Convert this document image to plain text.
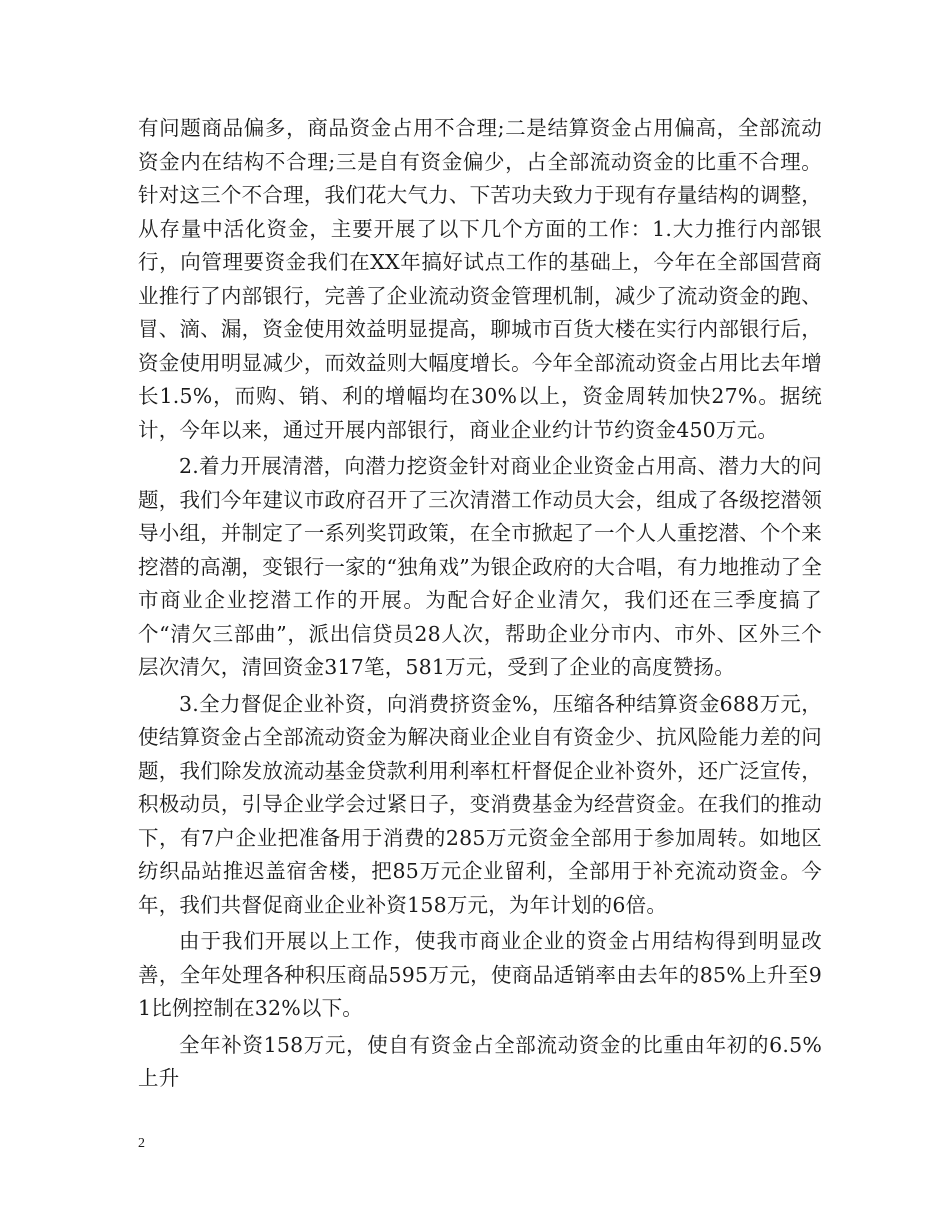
有问题商品偏多，商品资金占用不合理;二是结算资金占用偏高，全部流动资金内在结构不合理;三是自有资金偏少，占全部流动资金的比重不合理。针对这三个不合理，我们花大气力、下苦功夫致力于现有存量结构的调整，从存量中活化资金，主要开展了以下几个方面的工作：1.大力推行内部银行，向管理要资金我们在XX年搞好试点工作的基础上，今年在全部国营商业推行了内部银行，完善了企业流动资金管理机制，减少了流动资金的跑、冒、滴、漏，资金使用效益明显提高，聊城市百货大楼在实行内部银行后，资金使用明显减少，而效益则大幅度增长。今年全部流动资金占用比去年增长1.5%，而购、销、利的增幅均在30%以上，资金周转加快27%。据统计，今年以来，通过开展内部银行，商业企业约计节约资金450万元。

2.着力开展清潜，向潜力挖资金针对商业企业资金占用高、潜力大的问题，我们今年建议市政府召开了三次清潜工作动员大会，组成了各级挖潜领导小组，并制定了一系列奖罚政策，在全市掀起了一个人人重挖潜、个个来挖潜的高潮，变银行一家的“独角戏”为银企政府的大合唱，有力地推动了全市商业企业挖潜工作的开展。为配合好企业清欠，我们还在三季度搞了个“清欠三部曲”，派出信贷员28人次，帮助企业分市内、市外、区外三个层次清欠，清回资金317笔，581万元，受到了企业的高度赞扬。

3.全力督促企业补资，向消费挤资金%，压缩各种结算资金688万元，使结算资金占全部流动资金为解决商业企业自有资金少、抗风险能力差的问题，我们除发放流动基金贷款利用利率杠杆督促企业补资外，还广泛宣传，积极动员，引导企业学会过紧日子，变消费基金为经营资金。在我们的推动下，有7户企业把准备用于消费的285万元资金全部用于参加周转。如地区纺织品站推迟盖宿舍楼，把85万元企业留利，全部用于补充流动资金。今年，我们共督促商业企业补资158万元，为年计划的6倍。

由于我们开展以上工作，使我市商业企业的资金占用结构得到明显改善，全年处理各种积压商品595万元，使商品适销率由去年的85%上升至91比例控制在32%以下。

全年补资158万元，使自有资金占全部流动资金的比重由年初的6.5%上升

2
